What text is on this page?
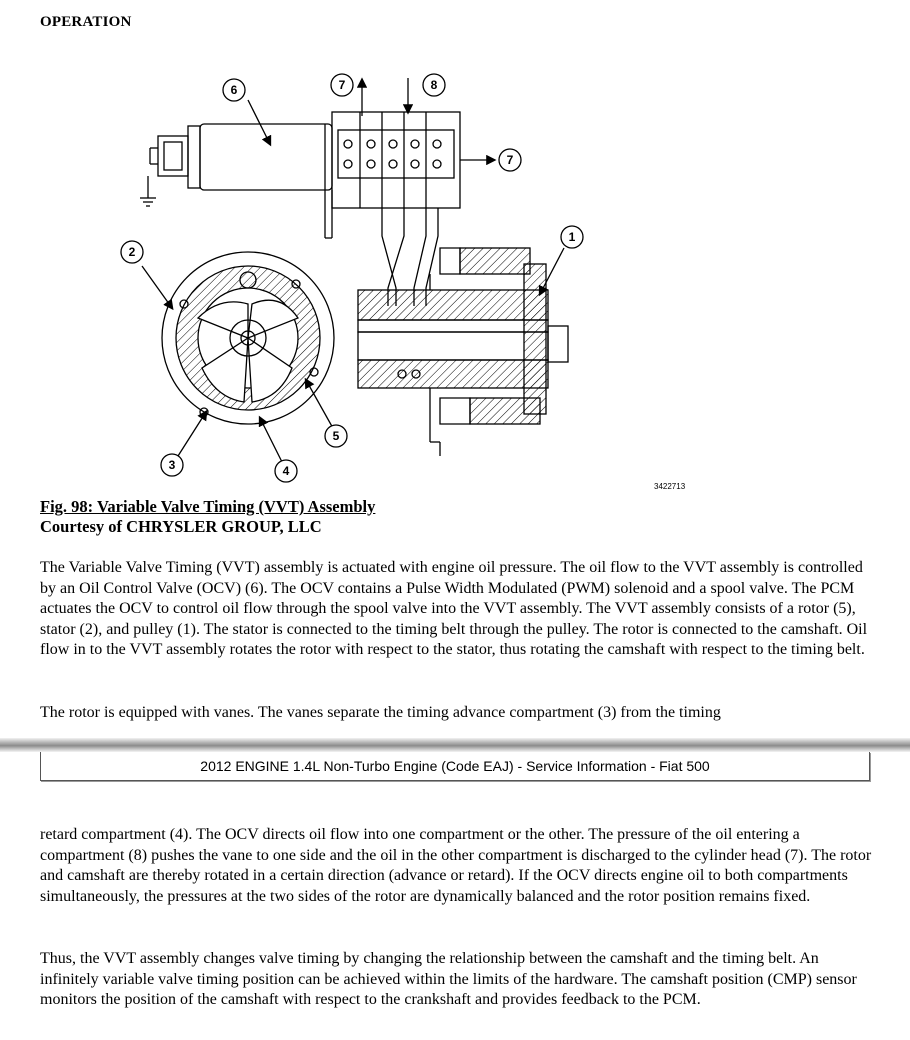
OPERATION
6	7	8
7
1
2
3	4
5
3422713
Fig. 98: Variable Valve Timing (VVT) Assembly
Courtesy of CHRYSLER GROUP, LLC
The Variable Valve Timing (VVT) assembly is actuated with engine oil pressure. The oil flow to the VVT assembly is controlled by an Oil Control Valve (OCV) (6). The OCV contains a Pulse Width Modulated (PWM) solenoid and a spool valve. The PCM actuates the OCV to control oil flow through the spool valve into the VVT assembly. The VVT assembly consists of a rotor (5), stator (2), and pulley (1). The stator is connected to the timing belt through the pulley. The rotor is connected to the camshaft. Oil flow in to the VVT assembly rotates the rotor with respect to the stator, thus rotating the camshaft with respect to the timing belt.
The rotor is equipped with vanes. The vanes separate the timing advance compartment (3) from the timing
2012 ENGINE 1.4L Non-Turbo Engine (Code EAJ) - Service Information - Fiat 500
retard compartment (4). The OCV directs oil flow into one compartment or the other. The pressure of the oil entering a compartment (8) pushes the vane to one side and the oil in the other compartment is discharged to the cylinder head (7). The rotor and camshaft are thereby rotated in a certain direction (advance or retard). If the OCV directs engine oil to both compartments simultaneously, the pressures at the two sides of the rotor are dynamically balanced and the rotor position remains fixed.
Thus, the VVT assembly changes valve timing by changing the relationship between the camshaft and the timing belt. An infinitely variable valve timing position can be achieved within the limits of the hardware. The camshaft position (CMP) sensor monitors the position of the camshaft with respect to the crankshaft and provides feedback to the PCM.
